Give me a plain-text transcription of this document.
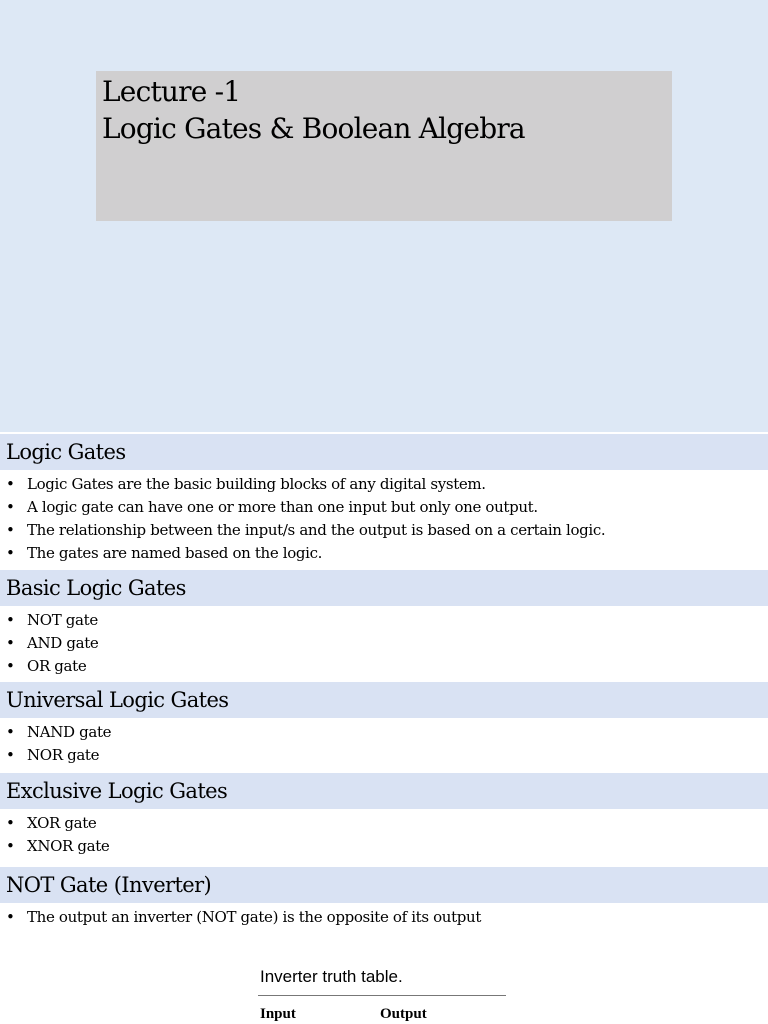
Lecture -1
Logic Gates & Boolean Algebra
Logic Gates
• Logic Gates are the basic building blocks of any digital system.
• A logic gate can have one or more than one input but only one output.
• The relationship between the input/s and the output is based on a certain logic.
• The gates are named based on the logic.
Basic Logic Gates
• NOT gate
• AND gate
• OR gate
Universal Logic Gates
• NAND gate
• NOR gate
Exclusive Logic Gates
• XOR gate
• XNOR gate
NOT Gate (Inverter)
• The output an inverter (NOT gate) is the opposite of its output
Inverter truth table.
Input	Output
